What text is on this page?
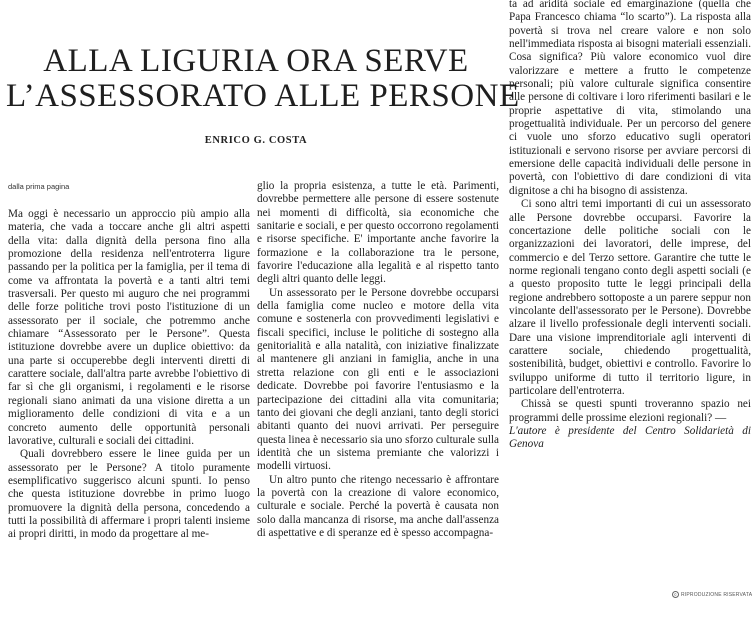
ALLA LIGURIA ORA SERVE
L’ASSESSORATO ALLE PERSONE
ENRICO G. COSTA
dalla prima pagina

Ma oggi è necessario un approccio più ampio alla materia, che vada a toccare anche gli altri aspetti della vita: dalla dignità della persona fino alla promozione della residenza nell'entroterra ligure passando per la politica per la famiglia, per il tema di come va affrontata la povertà e a tanti altri temi trasversali. Per questo mi auguro che nei programmi delle forze politiche trovi posto l'istituzione di un assessorato per il sociale, che potremmo anche chiamare “Assessorato per le Persone”. Questa istituzione dovrebbe avere un duplice obiettivo: da una parte si occuperebbe degli interventi diretti di carattere sociale, dall'altra parte avrebbe l'obiettivo di far sì che gli organismi, i regolamenti e le risorse regionali siano animati da una visione diretta a un miglioramento delle condizioni di vita e a un concreto aumento delle opportunità personali lavorative, culturali e sociali dei cittadini.

Quali dovrebbero essere le linee guida per un assessorato per le Persone? A titolo puramente esemplificativo suggerisco alcuni spunti. Io penso che questa istituzione dovrebbe in primo luogo promuovere la dignità della persona, concedendo a tutti la possibilità di affermare i propri talenti insieme ai propri diritti, in modo da progettare al me-

glio la propria esistenza, a tutte le età. Parimenti, dovrebbe permettere alle persone di essere sostenute nei momenti di difficoltà, sia economiche che sanitarie e sociali, e per questo occorrono regolamenti e risorse specifiche. E' importante anche favorire la formazione e la collaborazione tra le persone, favorire l'educazione alla legalità e al rispetto tanto degli altri quanto delle leggi.

Un assessorato per le Persone dovrebbe occuparsi della famiglia come nucleo e motore della vita comune e sostenerla con provvedimenti legislativi e fiscali specifici, incluse le politiche di sostegno alla genitorialità e alla natalità, con iniziative finalizzate al mantenere gli anziani in famiglia, anche in una stretta relazione con gli enti e le associazioni dedicate. Dovrebbe poi favorire l'entusiasmo e la partecipazione dei cittadini alla vita comunitaria; tanto dei giovani che degli anziani, tanto degli storici abitanti quanto dei nuovi arrivati. Per perseguire questa linea è necessario sia uno sforzo culturale sulla identità che un sistema premiante che valorizzi i modelli virtuosi.

Un altro punto che ritengo necessario è affrontare la povertà con la creazione di valore economico, culturale e sociale. Perché la povertà è causata non solo dalla mancanza di risorse, ma anche dall'assenza di aspettative e di speranze ed è spesso accompagna-

ta ad aridità sociale ed emarginazione (quella che Papa Francesco chiama “lo scarto”). La risposta alla povertà si trova nel creare valore e non solo nell'immediata risposta ai bisogni materiali essenziali. Cosa significa? Più valore economico vuol dire valorizzare e mettere a frutto le competenze personali; più valore culturale significa consentire alle persone di coltivare i loro riferimenti basilari e le proprie aspettative di vita, stimolando una progettualità individuale. Per un percorso del genere ci vuole uno sforzo educativo sugli operatori istituzionali e servono risorse per avviare percorsi di emersione delle capacità individuali delle persone in povertà, con l'obiettivo di dare condizioni di vita dignitose a chi ha bisogno di assistenza.

Ci sono altri temi importanti di cui un assessorato alle Persone dovrebbe occuparsi. Favorire la concertazione delle politiche sociali con le organizzazioni dei lavoratori, delle imprese, del commercio e del Terzo settore. Garantire che tutte le norme regionali tengano conto degli aspetti sociali (e a questo proposito tutte le leggi principali della regione andrebbero sottoposte a un parere seppur non vincolante dell'assessorato per le Persone). Dovrebbe alzare il livello professionale degli interventi sociali. Dare una visione imprenditoriale agli interventi di carattere sociale, chiedendo progettualità, sostenibilità, budget, obiettivi e controllo. Favorire lo sviluppo uniforme di tutto il territorio ligure, in particolare dell'entroterra.

Chissà se questi spunti troveranno spazio nei programmi delle prossime elezioni regionali? —

L'autore è presidente del Centro Solidarietà di Genova

© RIPRODUZIONE RISERVATA
